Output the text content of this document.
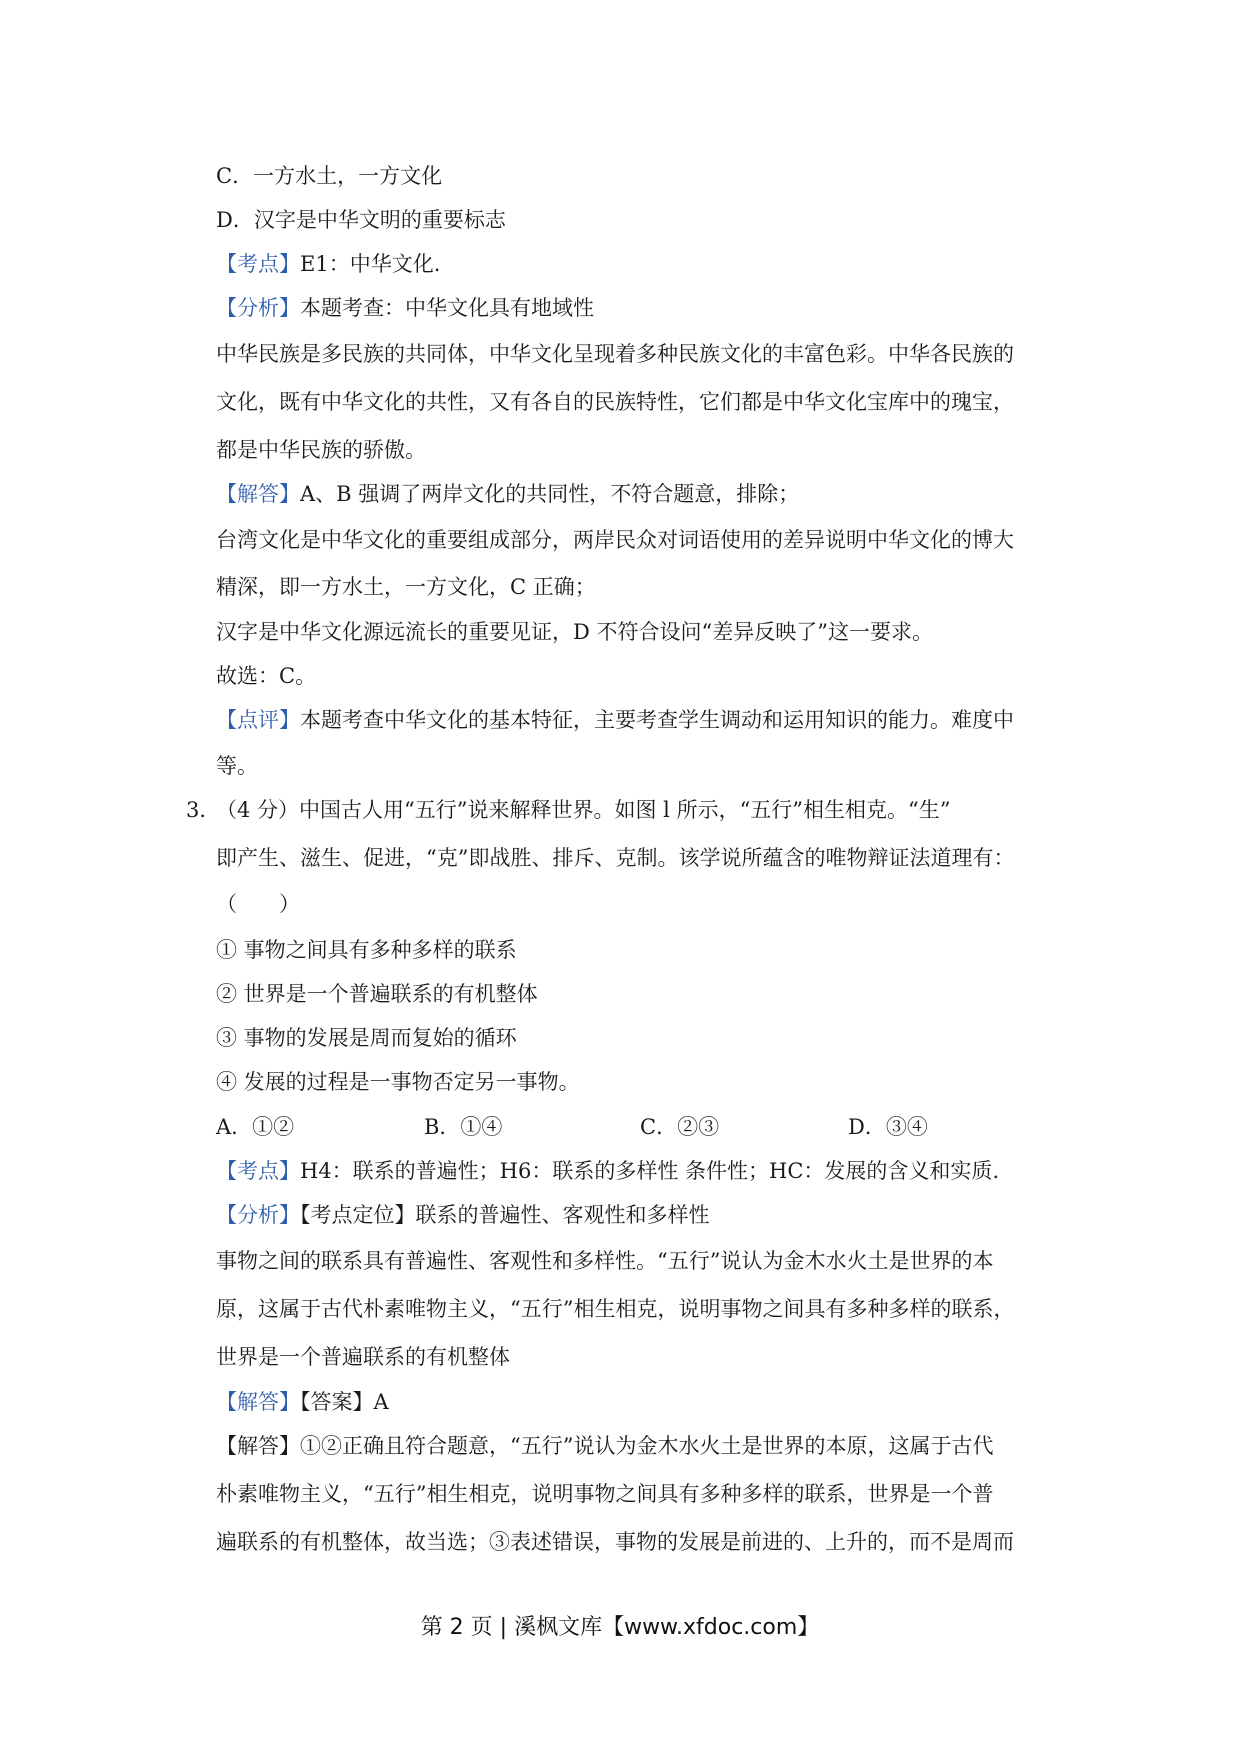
C．一方水土，一方文化
D．汉字是中华文明的重要标志
【考点】E1：中华文化.
【分析】本题考查：中华文化具有地域性
中华民族是多民族的共同体，中华文化呈现着多种民族文化的丰富色彩。中华各民族的
文化，既有中华文化的共性，又有各自的民族特性，它们都是中华文化宝库中的瑰宝，
都是中华民族的骄傲。
【解答】A、B 强调了两岸文化的共同性，不符合题意，排除；
台湾文化是中华文化的重要组成部分，两岸民众对词语使用的差异说明中华文化的博大
精深，即一方水土，一方文化，C 正确；
汉字是中华文化源远流长的重要见证，D 不符合设问“差异反映了”这一要求。
故选：C。
【点评】本题考查中华文化的基本特征，主要考查学生调动和运用知识的能力。难度中
等。
3．
（4 分）中国古人用“五行”说来解释世界。如图 l 所示，“五行”相生相克。“生”
即产生、滋生、促进，“克”即战胜、排斥、克制。该学说所蕴含的唯物辩证法道理有：
（　　）
① 事物之间具有多种多样的联系
② 世界是一个普遍联系的有机整体
③ 事物的发展是周而复始的循环
④ 发展的过程是一事物否定另一事物。
A．①②	B．①④	C．②③	D．③④
【考点】H4：联系的普遍性；H6：联系的多样性 条件性；HC：发展的含义和实质.
【分析】【考点定位】联系的普遍性、客观性和多样性
事物之间的联系具有普遍性、客观性和多样性。“五行”说认为金木水火土是世界的本
原，这属于古代朴素唯物主义，“五行”相生相克，说明事物之间具有多种多样的联系，
世界是一个普遍联系的有机整体
【解答】【答案】A
【解答】①②正确且符合题意，“五行”说认为金木水火土是世界的本原，这属于古代
朴素唯物主义，“五行”相生相克，说明事物之间具有多种多样的联系，世界是一个普
遍联系的有机整体，故当选；③表述错误，事物的发展是前进的、上升的，而不是周而
第 2 页 | 溪枫文库【www.xfdoc.com】
